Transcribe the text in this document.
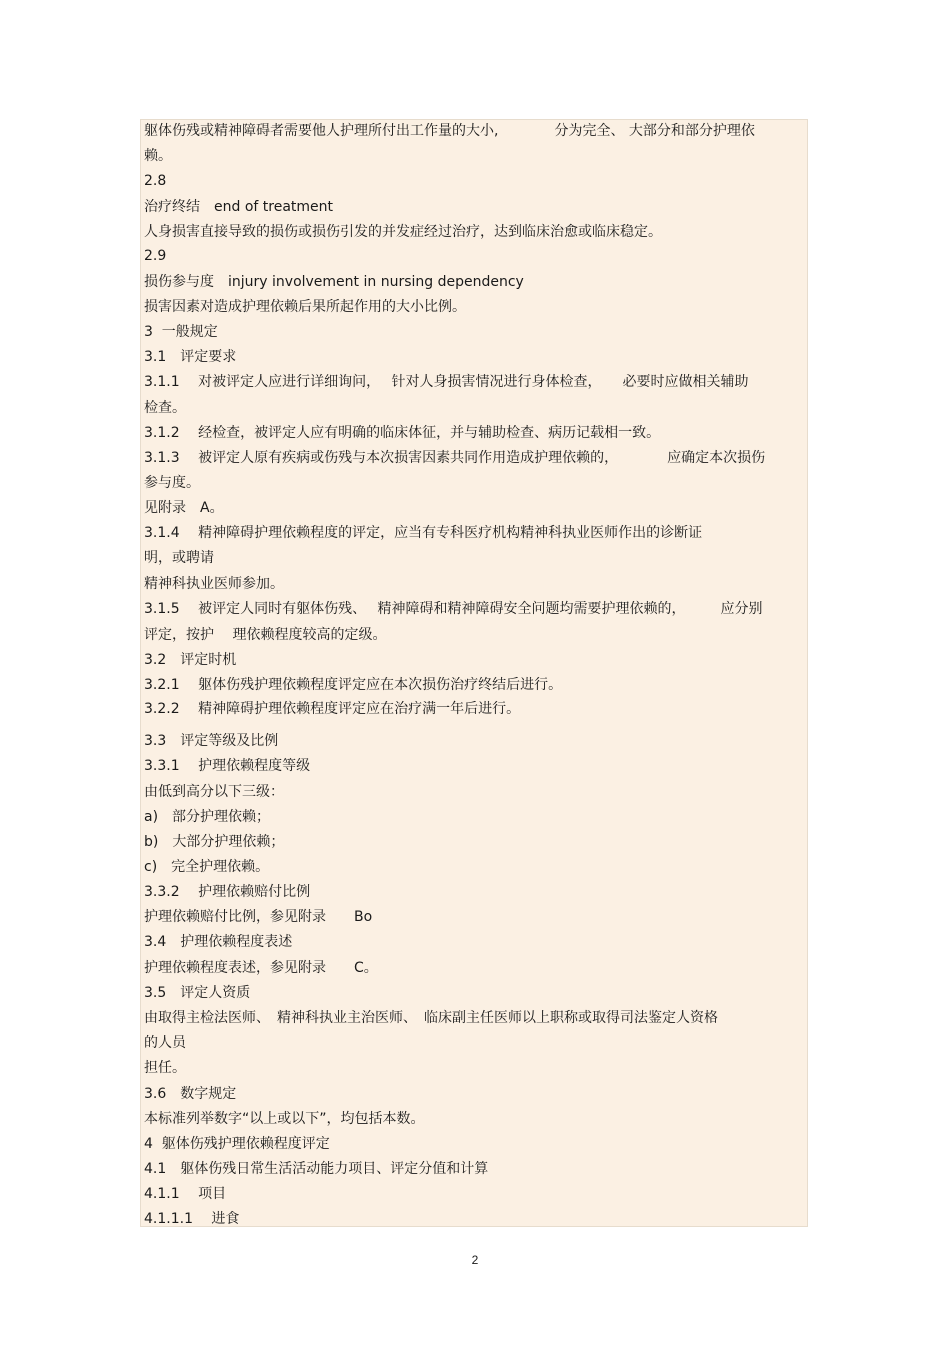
躯体伤残或精神障碍者需要他人护理所付出工作量的大小,　　　　分为完全、 大部分和部分护理依
赖。
2.8
治疗终结　end of treatment
人身损害直接导致的损伤或损伤引发的并发症经过治疗，达到临床治愈或临床稳定。
2.9
损伤参与度　injury involvement in nursing dependency
损害因素对造成护理依赖后果所起作用的大小比例。
3  一般规定
3.1　评定要求
3.1.1　 对被评定人应进行详细询问，　 针对人身损害情况进行身体检查，　　必要时应做相关辅助
检查。
3.1.2　 经检查，被评定人应有明确的临床体征，并与辅助检查、病历记载相一致。
3.1.3　 被评定人原有疾病或伤残与本次损害因素共同作用造成护理依赖的，　　　　应确定本次损伤
参与度。
见附录　A。
3.1.4　 精神障碍护理依赖程度的评定，应当有专科医疗机构精神科执业医师作出的诊断证
明，或聘请
精神科执业医师参加。
3.1.5　 被评定人同时有躯体伤残、　 精神障碍和精神障碍安全问题均需要护理依赖的，　　　应分别
评定，按护　 理依赖程度较高的定级。
3.2　评定时机
3.2.1　 躯体伤残护理依赖程度评定应在本次损伤治疗终结后进行。
3.2.2　 精神障碍护理依赖程度评定应在治疗满一年后进行。
3.3　评定等级及比例
3.3.1　 护理依赖程度等级
由低到高分以下三级：
a)　部分护理依赖；
b)　大部分护理依赖；
c)　完全护理依赖。
3.3.2　 护理依赖赔付比例
护理依赖赔付比例，参见附录　　Bo
3.4　护理依赖程度表述
护理依赖程度表述，参见附录　　C。
3.5　评定人资质
由取得主检法医师、　精神科执业主治医师、　临床副主任医师以上职称或取得司法鉴定人资格
的人员
担任。
3.6　数字规定
本标准列举数字“以上或以下”，均包括本数。
4  躯体伤残护理依赖程度评定
4.1　躯体伤残日常生活活动能力项目、评定分值和计算
4.1.1　 项目
4.1.1.1　 进食
2
